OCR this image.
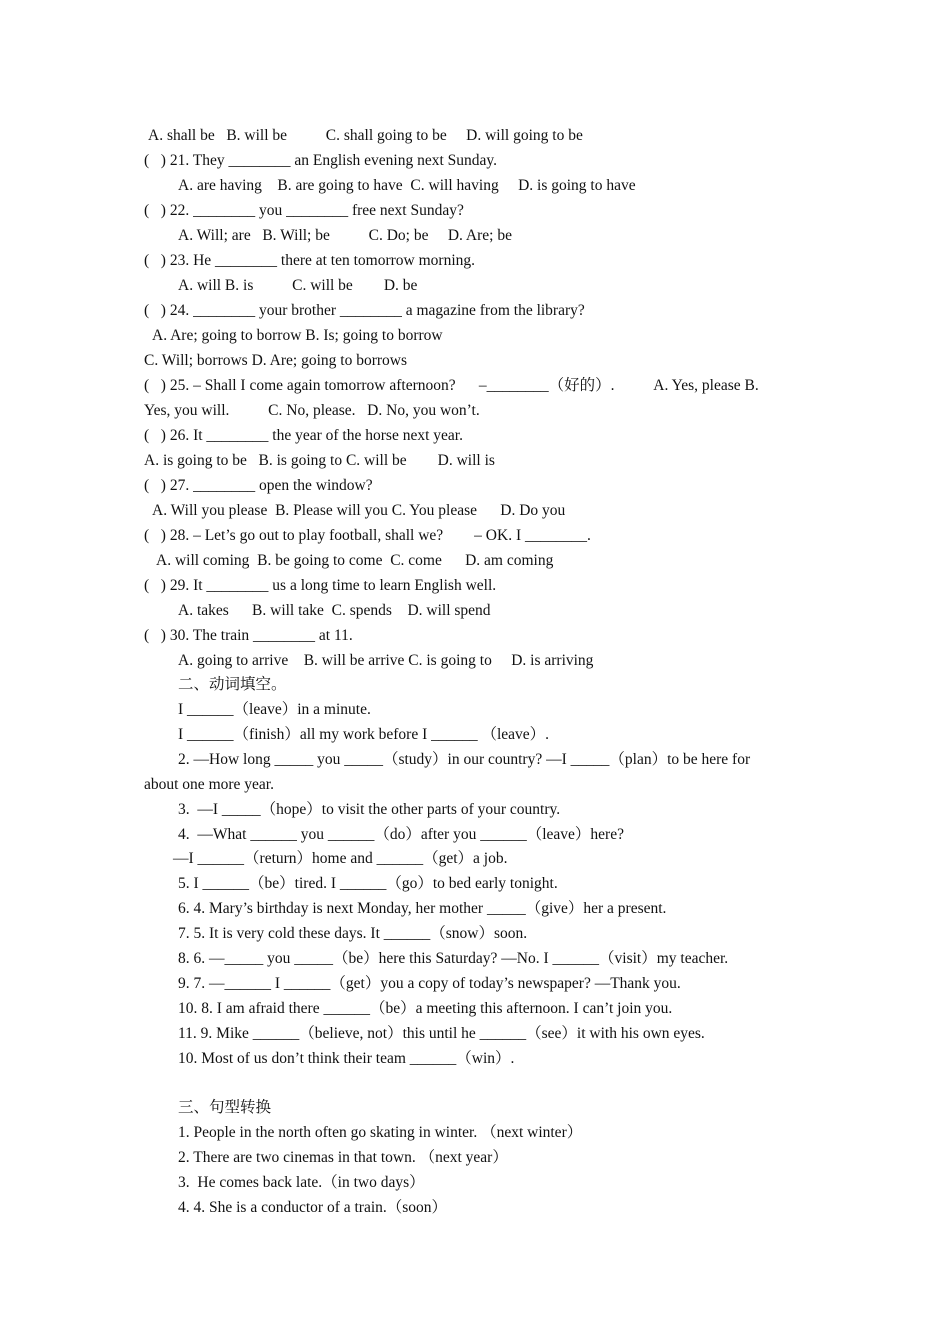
A. shall be   B. will be          C. shall going to be     D. will going to be
(   ) 21. They ________ an English evening next Sunday.
A. are having    B. are going to have  C. will having     D. is going to have
(   ) 22. ________ you ________ free next Sunday?
A. Will; are   B. Will; be          C. Do; be     D. Are; be
(   ) 23. He ________ there at ten tomorrow morning.
A. will B. is          C. will be        D. be
(   ) 24. ________ your brother ________ a magazine from the library?
A. Are; going to borrow B. Is; going to borrow
C. Will; borrows D. Are; going to borrows
(   ) 25. – Shall I come again tomorrow afternoon?      –________（好的）.          A. Yes, please B.
Yes, you will.          C. No, please.   D. No, you won’t.
(   ) 26. It ________ the year of the horse next year.
A. is going to be   B. is going to C. will be        D. will is
(   ) 27. ________ open the window?
A. Will you please  B. Please will you C. You please      D. Do you
(   ) 28. – Let’s go out to play football, shall we?        – OK. I ________.
A. will coming  B. be going to come  C. come      D. am coming
(   ) 29. It ________ us a long time to learn English well.
A. takes      B. will take  C. spends    D. will spend
(   ) 30. The train ________ at 11.
A. going to arrive    B. will be arrive C. is going to     D. is arriving
二、动词填空。
I ______（leave）in a minute.
I ______（finish）all my work before I ______ （leave）.
2. —How long _____ you _____（study）in our country? —I _____（plan）to be here for
about one more year.
3.  —I _____（hope）to visit the other parts of your country.
4.  —What ______ you ______（do）after you ______（leave）here?
—I ______（return）home and ______（get）a job.
5. I ______（be）tired. I ______（go）to bed early tonight.
6. 4. Mary’s birthday is next Monday, her mother _____（give）her a present.
7. 5. It is very cold these days. It ______（snow）soon.
8. 6. —_____ you _____（be）here this Saturday? —No. I ______（visit）my teacher.
9. 7. —______ I ______（get）you a copy of today’s newspaper? —Thank you.
10. 8. I am afraid there ______（be）a meeting this afternoon. I can’t join you.
11. 9. Mike ______（believe, not）this until he ______（see）it with his own eyes.
10. Most of us don’t think their team ______（win）.
三、句型转换
1. People in the north often go skating in winter. （next winter）
2. There are two cinemas in that town. （next year）
3.  He comes back late.（in two days）
4. 4. She is a conductor of a train.（soon）
